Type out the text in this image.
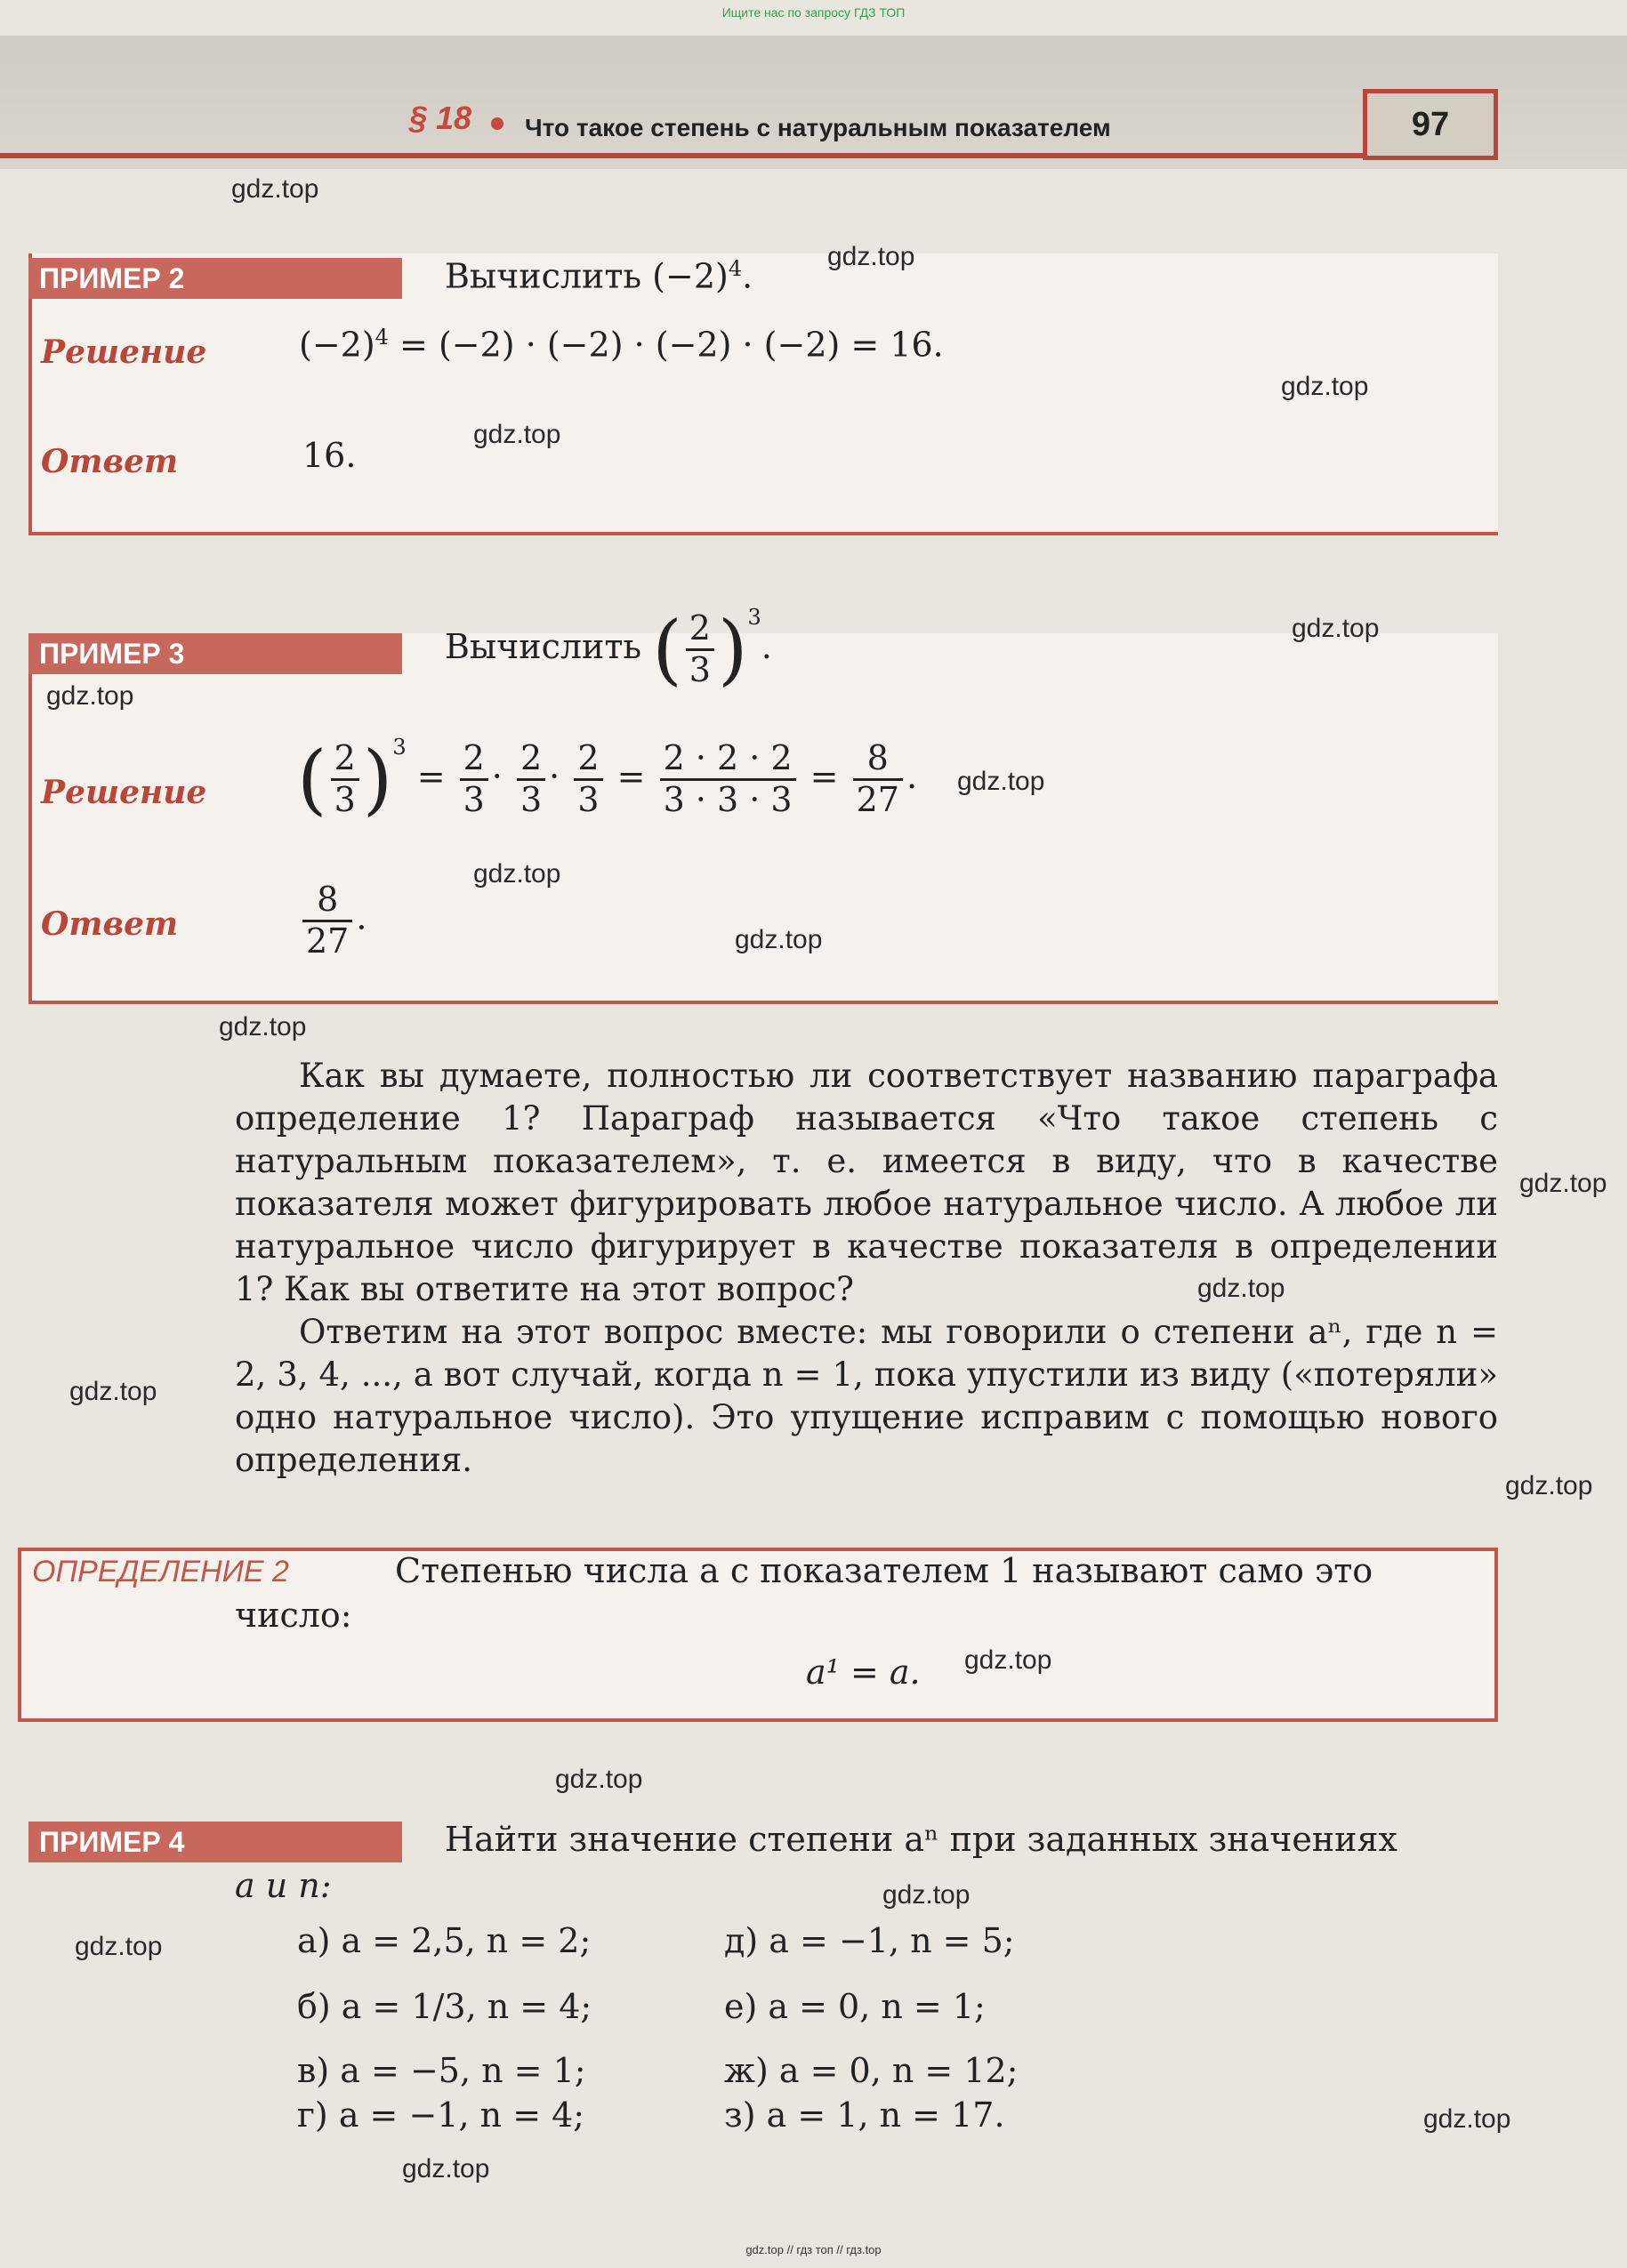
Ищите нас по запросу ГДЗ ТОП
§ 18 Что такое степень с натуральным показателем	97
ПРИМЕР 2	Вычислить $(-2)^4$.
Решение	$(-2)^4 = (-2) \cdot (-2) \cdot (-2) \cdot (-2) = 16$.
Ответ	16.
ПРИМЕР 3	Вычислить ( $\frac{2}{3} )^3$.
Решение ( $\frac{2}{3} )^3 = \frac{2}{3} \cdot \frac{2}{3} \cdot \frac{2}{3} = \frac{2 \cdot 2 \cdot 2}{3 \cdot 3 \cdot 3} = \frac{8}{27}$ .
Ответ	$\frac{8}{27}$ .
Как вы думаете, полностью ли соответствует названию параграфа определение 1? Параграф называется «Что такое степень с натуральным показателем», т. е. имеется в виду, что в качестве показателя может фигурировать любое натуральное число. А любое ли натуральное число фигурирует в качестве показателя в определении 1? Как вы ответите на этот вопрос?
Ответим на этот вопрос вместе: мы говорили о степени aⁿ, где n = 2, 3, 4, ..., а вот случай, когда n = 1, пока упустили из виду («потеряли» одно натуральное число). Это упущение исправим с помощью нового определения.
ОПРЕДЕЛЕНИЕ 2	Степенью числа a с показателем 1 называют само это
число:
a¹ = a.
ПРИМЕР 4	Найти значение степени aⁿ при заданных значениях
a и n:
а) a = 2,5, n = 2;
б) a = 1/3, n = 4;
в) a = −5, n = 1;
г) a = −1, n = 4;
д) a = −1, n = 5;
е) a = 0, n = 1;
ж) a = 0, n = 12;
з) a = 1, n = 17.
gdz.top
gdz.top
gdz.top
gdz.top
gdz.top
gdz.top
gdz.top
gdz.top
gdz.top
gdz.top
gdz.top
gdz.top
gdz.top
gdz.top
gdz.top
gdz.top
gdz.top
gdz.top
gdz.top
gdz.top
gdz.top // гдз топ // гдз.top
